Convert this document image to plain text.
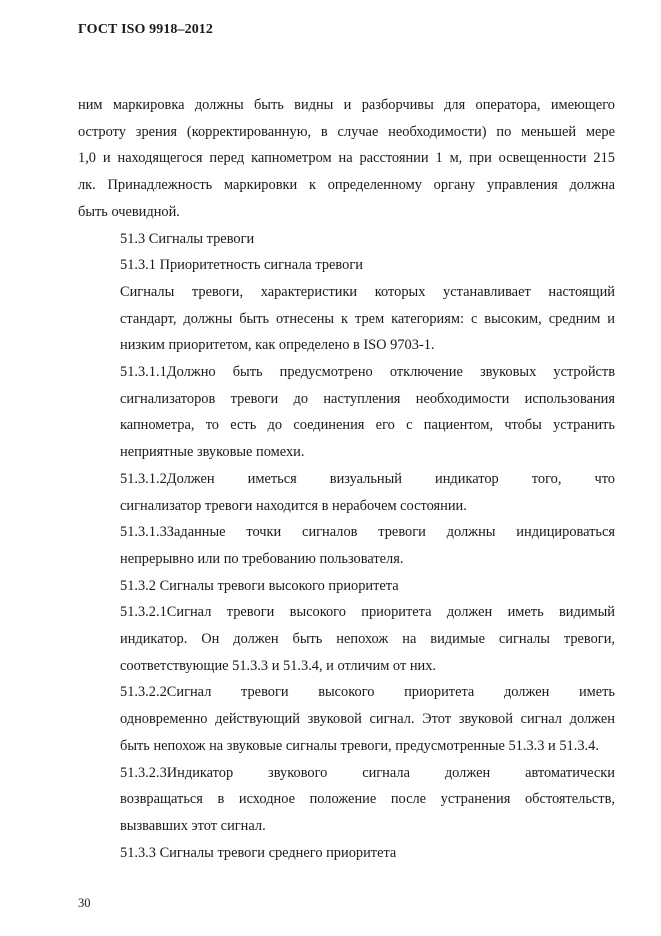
ГОСТ ISO 9918–2012
ним маркировка должны быть видны и разборчивы для оператора, имеющего
остроту зрения (корректированную, в случае необходимости) по меньшей мере
1,0 и находящегося перед капнометром на расстоянии 1 м, при освещенности 215
лк. Принадлежность маркировки к определенному органу управления должна
быть очевидной.
51.3 Сигналы тревоги
51.3.1 Приоритетность сигнала тревоги
Сигналы тревоги, характеристики которых устанавливает настоящий
стандарт, должны быть отнесены к трем категориям: с высоким, средним и
низким приоритетом, как определено в ISO 9703-1.
51.3.1.1Должно быть предусмотрено отключение звуковых устройств
сигнализаторов тревоги до наступления необходимости использования
капнометра, то есть до соединения его с пациентом, чтобы устранить
неприятные звуковые помехи.
51.3.1.2Должен иметься визуальный индикатор того, что
сигнализатор тревоги находится в нерабочем состоянии.
51.3.1.3Заданные точки сигналов тревоги должны индицироваться
непрерывно или по требованию пользователя.
51.3.2 Сигналы тревоги высокого приоритета
51.3.2.1Сигнал тревоги высокого приоритета должен иметь видимый
индикатор. Он должен быть непохож на видимые сигналы тревоги,
соответствующие 51.3.3 и 51.3.4, и отличим от них.
51.3.2.2Сигнал тревоги высокого приоритета должен иметь
одновременно действующий звуковой сигнал. Этот звуковой сигнал должен
быть непохож на звуковые сигналы тревоги, предусмотренные 51.3.3 и 51.3.4.
51.3.2.3Индикатор звукового сигнала должен автоматически
возвращаться в исходное положение после устранения обстоятельств,
вызвавших этот сигнал.
51.3.3 Сигналы тревоги среднего приоритета
30
